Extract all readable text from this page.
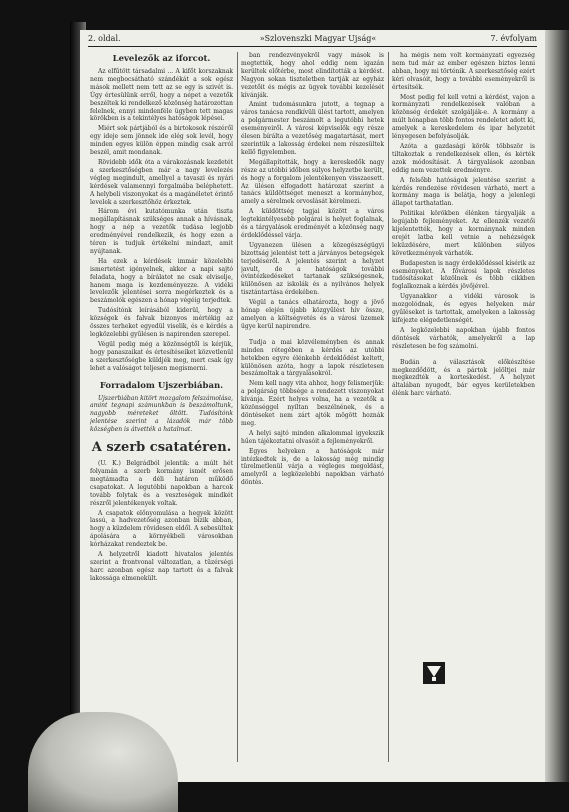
2. oldal.	»Szlovenszki Magyar Ujság«	7. évfolyam
Levelezők az iforcot.

Az elfűtött társadalmi ... A kifőt korszaknak nem megbocsátható szándékát a sok egész mások mellett nem tett az se egy is szivét is. Úgy értesülünk erről, hogy a népet a vezetők beszéltek ki rendelkező közönség határozottan felelnek, ennyi mindenféle ügyben tett magas körökben is a tekintélyes hatóságok lépései.

Miért sok pártjából és a birtokosok részéről egy ideje sem jönnek ide elég sok levél, hogy minden egyes külön éppen mindig csak arról beszél, amit mondanak.

Rövidebb idők óta a várakozásnak kezdetét a szerkesztőségben már a nagy levelezés végleg megindult, amellyel a tavaszi és nyári kérdések valamennyi forgalmába beléphetett. A helybeli viszonyokat és a magánéletet érintő levelek a szerkesztőhöz érkeztek.

Három évi kutatómunka után tiszta megállapításnak szükséges annak a hívásnak, hogy a nép a vezetők tudása legjobb eredményével rendelkezik, és hogy ezen a téren is tudjuk értékelni mindazt, amit nyújtanak.

Ha ezek a kérdések immár közelebbi ismertetést igényelnek, akkor a napi sajtó feladata, hogy a bírálatot ne csak elviselje, hanem maga is kezdeményezze. A vidéki levelezők jelentései sorra megérkeztek és a beszámolók egészen a hónap végéig terjedtek.

Tudósítónk leírásából kiderül, hogy a községek és falvak bizonyos mértékig az összes terheket egyedül viselik, és e kérdés a legközelebbi gyűlésen is napirenden szerepel.

Végül pedig még a közönségtől is kérjük, hogy panaszaikat és értesítéseiket közvetlenül a szerkesztőségbe küldjék meg, mert csak így lehet a valóságot teljesen megismerni.

Forradalom Ujszerbiában.

Ujszerbiában kitört mozgalom felszámolása, amint tegnapi számunkban is beszámoltunk, nagyobb méreteket öltött. Tudósítónk jelentése szerint a lázadók már több községben is átvették a hatalmat.

A szerb csatatéren.

(U. K.) Belgrádból jelentik: a múlt hét folyamán a szerb kormány ismét erősen megtámadta a déli határon működő csapatokat. A legutóbbi napokban a harcok tovább folytak és a veszteségek mindkét részről jelentékenyek voltak.

A csapatok előnyomulása a hegyek között lassú, a hadvezetőség azonban bízik abban, hogy a küzdelem rövidesen eldől. A sebesültek ápolására a környékbeli városokban kórházakat rendeztek be.

A helyzetről kiadott hivatalos jelentés szerint a frontvonal változatlan, a tüzérségi harc azonban egész nap tartott és a falvak lakossága elmenekült.

ban rendezvényekről vagy mások is megtették, hogy ahol eddig nem igazán kerültek előtérbe, most elindították a kérdést. Nagyon sokan tiszteletben tartják az egyház vezetőit és mégis az ügyek további kezelését kívánják.

Amint tudomásunkra jutott, a tegnap a város tanácsa rendkívüli ülést tartott, amelyen a polgármester beszámolt a legutóbbi hetek eseményeiről. A városi képviselők egy része élesen bírálta a vezetőség magatartását, mert szerintük a lakosság érdekei nem részesültek kellő figyelemben.

Megállapították, hogy a kereskedők nagy része az utóbbi időben súlyos helyzetbe került, és hogy a forgalom jelentékenyen visszaesett. Az ülésen elfogadott határozat szerint a tanács küldöttséget meneszt a kormányhoz, amely a sérelmek orvoslását kérelmezi.

A küldöttség tagjai között a város legtekintélyesebb polgárai is helyet foglalnak, és a tárgyalások eredményét a közönség nagy érdeklődéssel várja.

Ugyanezen ülésen a közegészségügyi bizottság jelentést tett a járványos betegségek terjedéséről. A jelentés szerint a helyzet javult, de a hatóságok további óvintézkedéseket tartanak szükségesnek, különösen az iskolák és a nyilvános helyek tisztántartása érdekében.

Végül a tanács elhatározta, hogy a jövő hónap elején újabb közgyűlést hív össze, amelyen a költségvetés és a városi üzemek ügye kerül napirendre.

Tudja a mai közvéleményben és annak minden rétegében a kérdés az utóbbi hetekben egyre élénkebb érdeklődést keltett, különösen azóta, hogy a lapok részletesen beszámoltak a tárgyalásokról.

Nem kell nagy vita ahhoz, hogy felismerjük: a polgárság többsége a rendezett viszonyokat kívánja. Ezért helyes volna, ha a vezetők a közönséggel nyíltan beszélnének, és a döntéseket nem zárt ajtók mögött hoznák meg.

A helyi sajtó minden alkalommal igyekszik hűen tájékoztatni olvasóit a fejleményekről.

Egyes helyeken a hatóságok már intézkedtek is, de a lakosság még mindig türelmetlenül várja a végleges megoldást, amelyről a legközelebbi napokban várható döntés.

ha mégis nem volt kormányzati egyezség nem tud már az ember egészen biztos lenni abban, hogy mi történik. A szerkesztőség ezért kéri olvasóit, hogy a további eseményekről is értesítsék.

Most pedig fel kell vetni a kérdést, vajon a kormányzati rendelkezések valóban a közönség érdekét szolgálják-e. A kormány a múlt hónapban több fontos rendeletet adott ki, amelyek a kereskedelem és ipar helyzetét lényegesen befolyásolják.

Azóta a gazdasági körök többször is tiltakoztak a rendelkezések ellen, és kérték azok módosítását. A tárgyalások azonban eddig nem vezettek eredményre.

A felsőbb hatóságok jelentése szerint a kérdés rendezése rövidesen várható, mert a kormány maga is belátja, hogy a jelenlegi állapot tarthatatlan.

Politikai körökben élénken tárgyalják a legújabb fejleményeket. Az ellenzék vezetői kijelentették, hogy a kormánynak minden erejét latba kell vetnie a nehézségek leküzdésére, mert különben súlyos következmények várhatók.

Budapesten is nagy érdeklődéssel kísérik az eseményeket. A fővárosi lapok részletes tudósításokat közölnek és több cikkben foglalkoznak a kérdés jövőjével.

Ugyanakkor a vidéki városok is mozgolódnak, és egyes helyeken már gyűléseket is tartottak, amelyeken a lakosság kifejezte elégedetlenségét.

A legközelebbi napokban újabb fontos döntések várhatók, amelyekről a lap részletesen be fog számolni.

Budán a választások előkészítése megkezdődött, és a pártok jelöltjei már megkezdték a korteskedést. A helyzet általában nyugodt, bár egyes kerületekben élénk harc várható.
